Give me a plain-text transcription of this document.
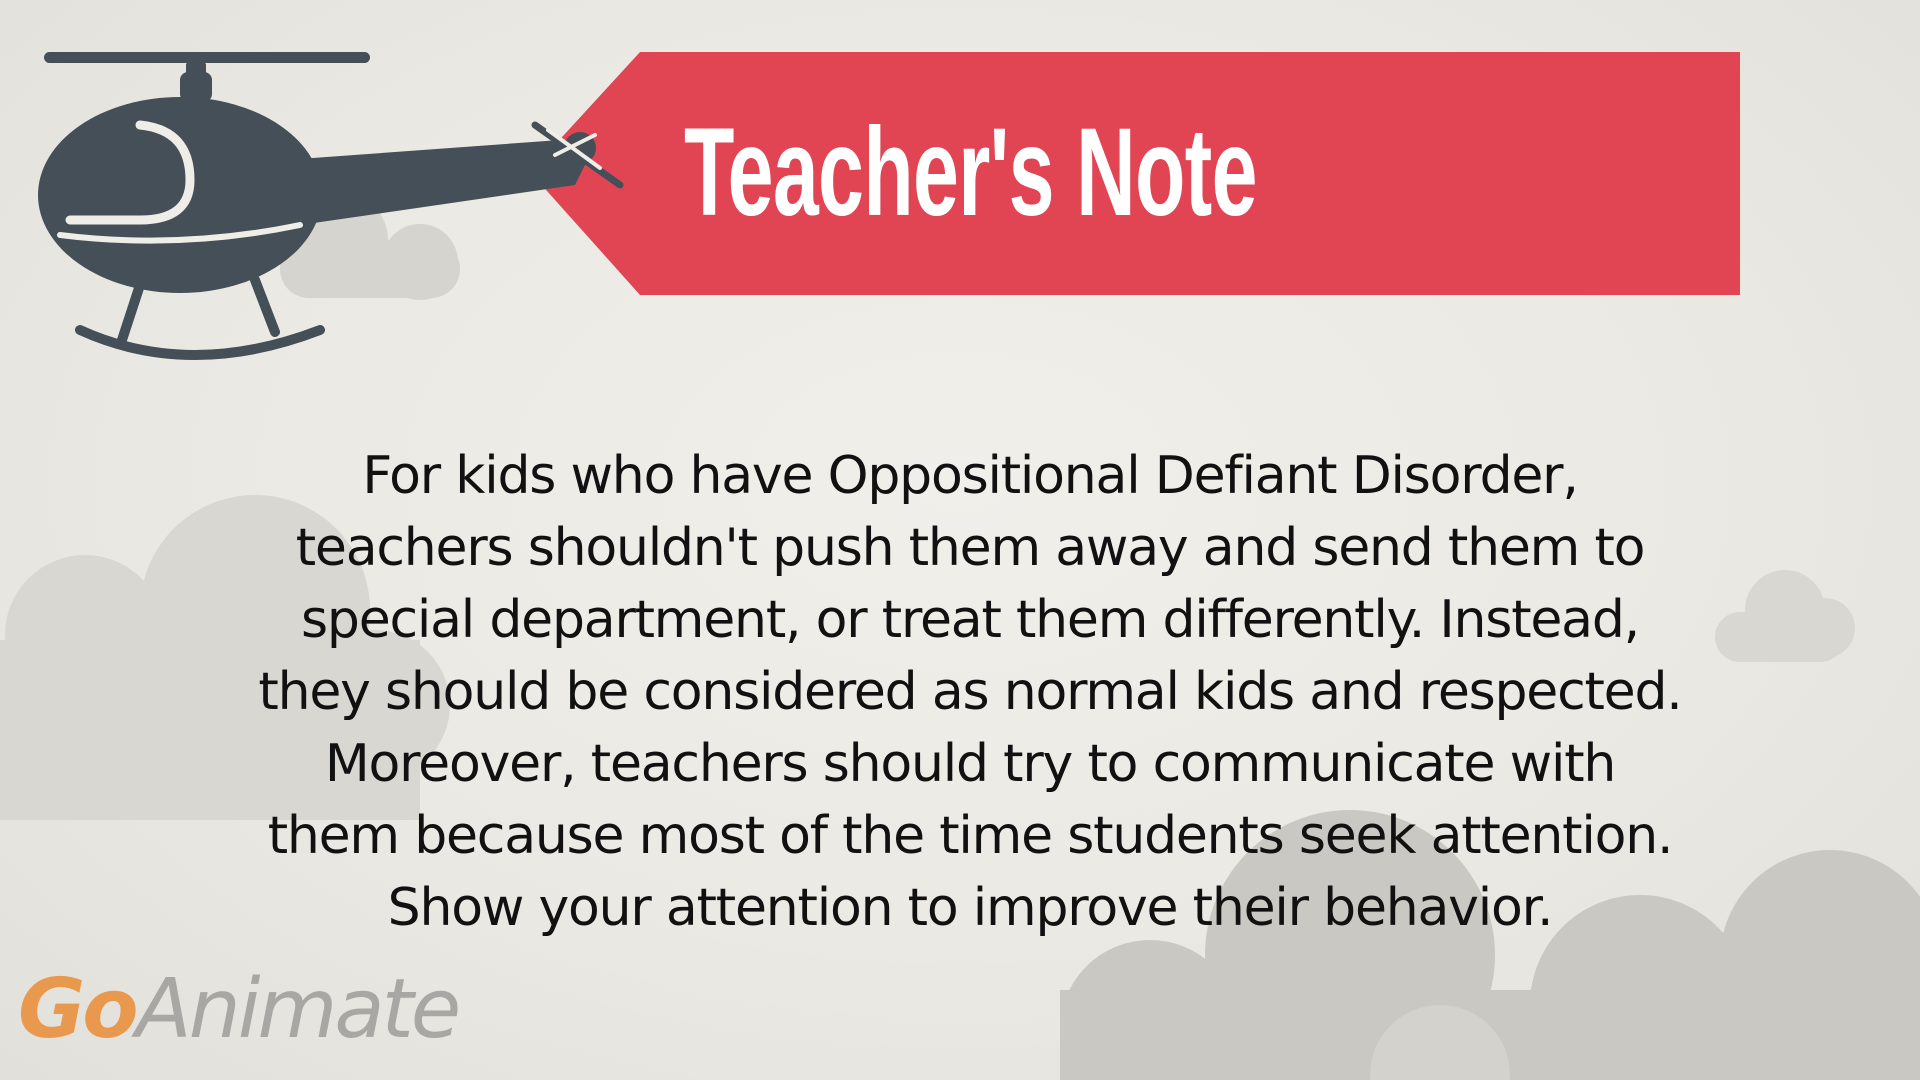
Teacher's Note

For kids who have Oppositional Defiant Disorder,
teachers shouldn't push them away and send them to
special department, or treat them differently. Instead,
they should be considered as normal kids and respected.
Moreover, teachers should try to communicate with
them because most of the time students seek attention.
Show your attention to improve their behavior.

GoAnimate
